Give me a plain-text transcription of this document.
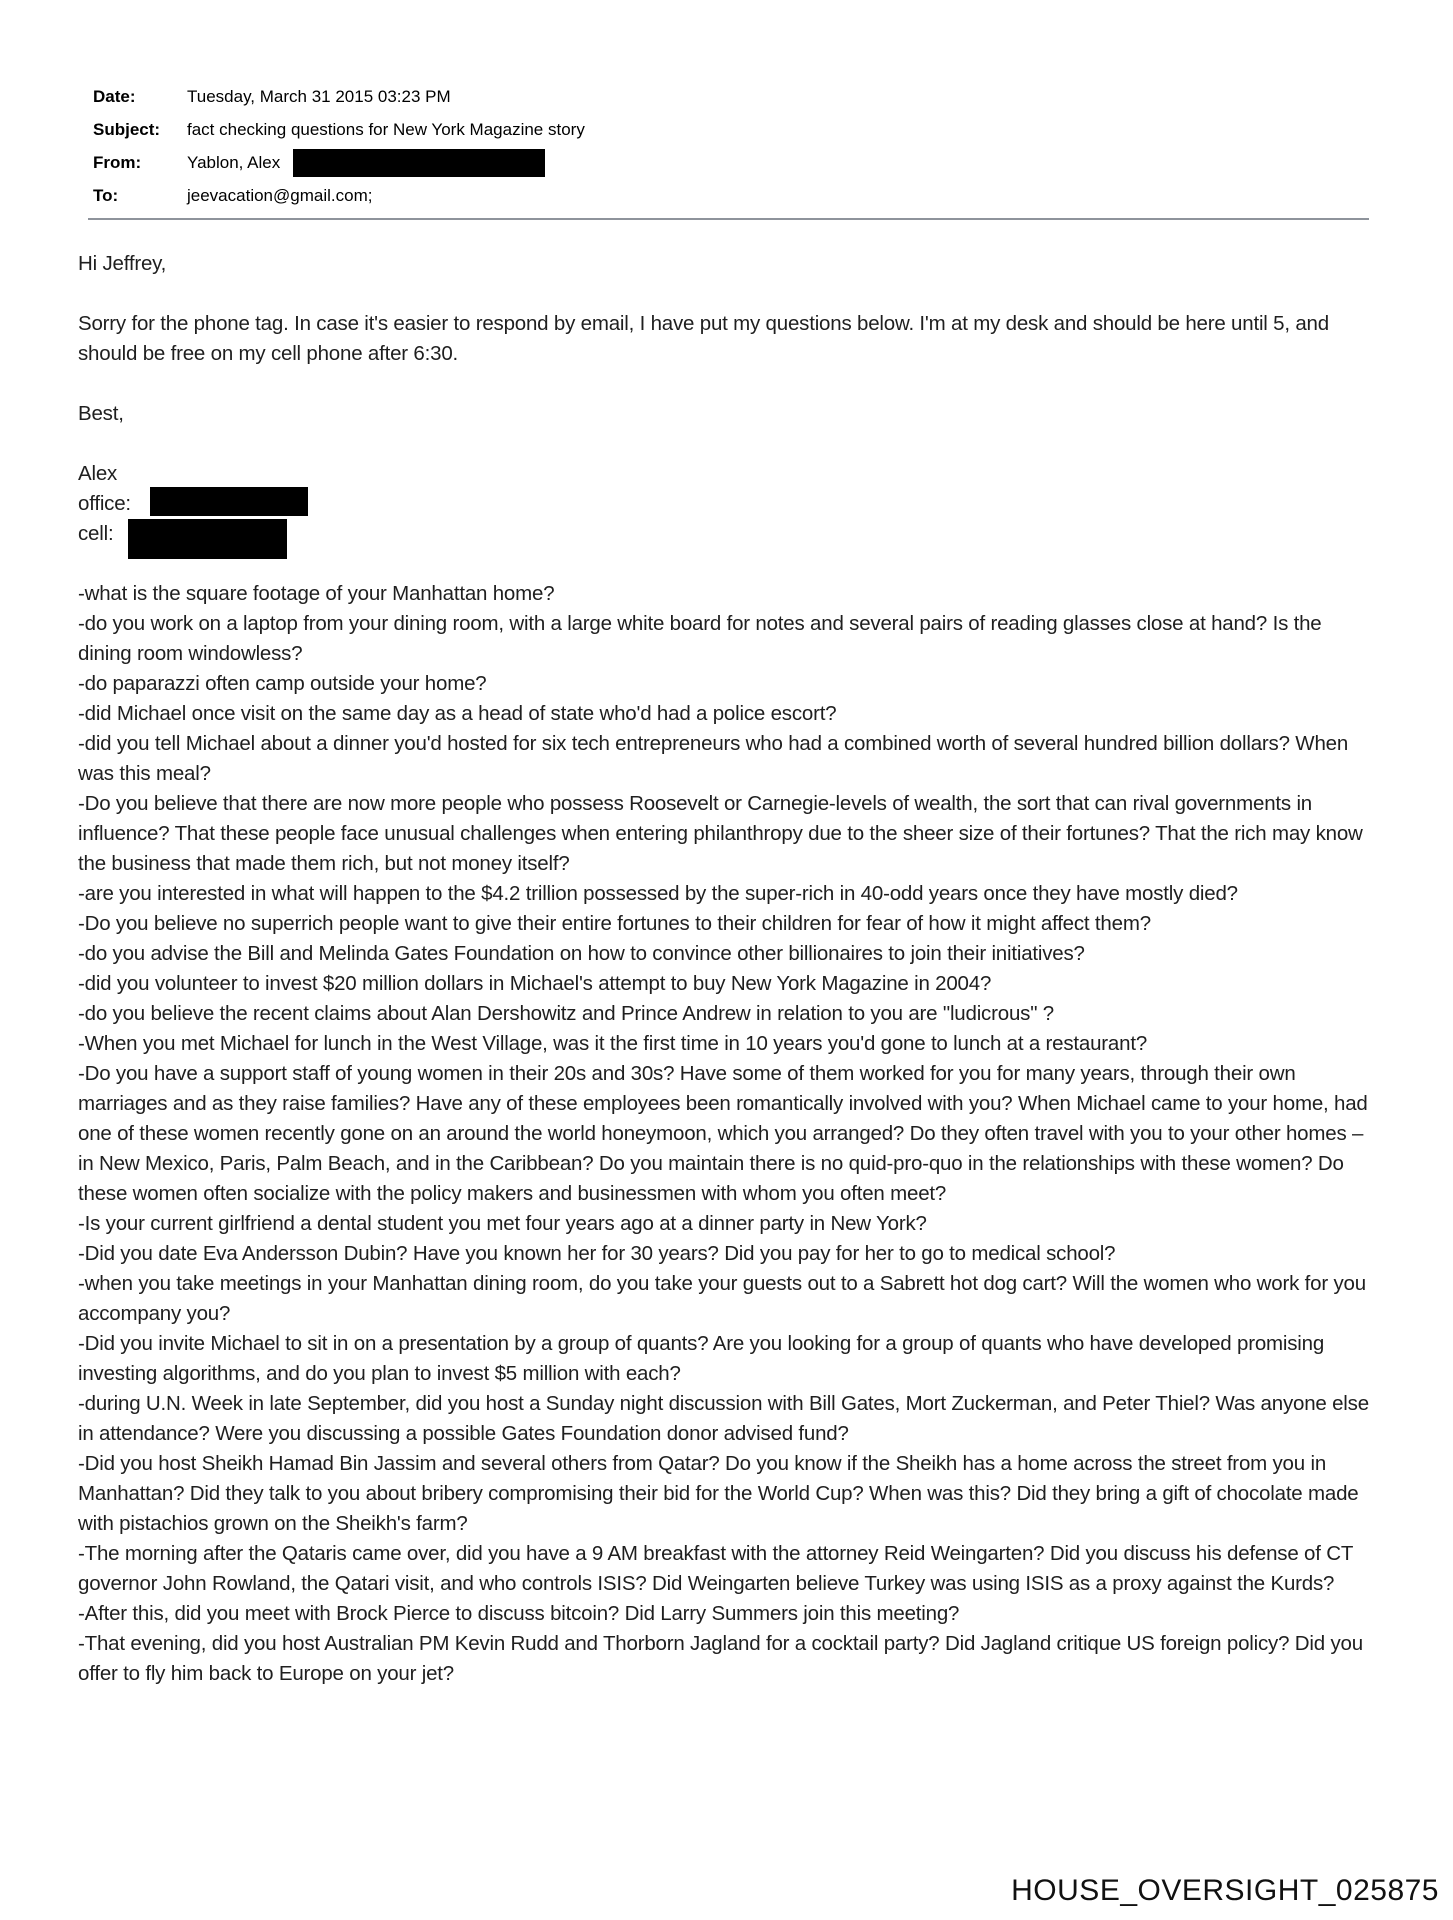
Date:	Tuesday, March 31 2015 03:23 PM
Subject:	fact checking questions for New York Magazine story
From:	Yablon, Alex
To:	jeevacation@gmail.com;

Hi Jeffrey,

Sorry for the phone tag. In case it's easier to respond by email, I have put my questions below. I'm at my desk and should be here until 5, and should be free on my cell phone after 6:30.

Best,

Alex

office:

cell:

-what is the square footage of your Manhattan home?

-do you work on a laptop from your dining room, with a large white board for notes and several pairs of reading glasses close at hand? Is the dining room windowless?

-do paparazzi often camp outside your home?

-did Michael once visit on the same day as a head of state who'd had a police escort?

-did you tell Michael about a dinner you'd hosted for six tech entrepreneurs who had a combined worth of several hundred billion dollars? When was this meal?

-Do you believe that there are now more people who possess Roosevelt or Carnegie-levels of wealth, the sort that can rival governments in influence? That these people face unusual challenges when entering philanthropy due to the sheer size of their fortunes? That the rich may know the business that made them rich, but not money itself?

-are you interested in what will happen to the $4.2 trillion possessed by the super-rich in 40-odd years once they have mostly died?

-Do you believe no superrich people want to give their entire fortunes to their children for fear of how it might affect them?

-do you advise the Bill and Melinda Gates Foundation on how to convince other billionaires to join their initiatives?

-did you volunteer to invest $20 million dollars in Michael's attempt to buy New York Magazine in 2004?

-do you believe the recent claims about Alan Dershowitz and Prince Andrew in relation to you are "ludicrous" ?

-When you met Michael for lunch in the West Village, was it the first time in 10 years you'd gone to lunch at a restaurant?

-Do you have a support staff of young women in their 20s and 30s? Have some of them worked for you for many years, through their own marriages and as they raise families? Have any of these employees been romantically involved with you? When Michael came to your home, had one of these women recently gone on an around the world honeymoon, which you arranged? Do they often travel with you to your other homes – in New Mexico, Paris, Palm Beach, and in the Caribbean? Do you maintain there is no quid-pro-quo in the relationships with these women? Do these women often socialize with the policy makers and businessmen with whom you often meet?

-Is your current girlfriend a dental student you met four years ago at a dinner party in New York?

-Did you date Eva Andersson Dubin? Have you known her for 30 years? Did you pay for her to go to medical school?

-when you take meetings in your Manhattan dining room, do you take your guests out to a Sabrett hot dog cart? Will the women who work for you accompany you?

-Did you invite Michael to sit in on a presentation by a group of quants? Are you looking for a group of quants who have developed promising investing algorithms, and do you plan to invest $5 million with each?

-during U.N. Week in late September, did you host a Sunday night discussion with Bill Gates, Mort Zuckerman, and Peter Thiel? Was anyone else in attendance? Were you discussing a possible Gates Foundation donor advised fund?

-Did you host Sheikh Hamad Bin Jassim and several others from Qatar? Do you know if the Sheikh has a home across the street from you in Manhattan? Did they talk to you about bribery compromising their bid for the World Cup? When was this? Did they bring a gift of chocolate made with pistachios grown on the Sheikh's farm?

-The morning after the Qataris came over, did you have a 9 AM breakfast with the attorney Reid Weingarten? Did you discuss his defense of CT governor John Rowland, the Qatari visit, and who controls ISIS? Did Weingarten believe Turkey was using ISIS as a proxy against the Kurds?

-After this, did you meet with Brock Pierce to discuss bitcoin? Did Larry Summers join this meeting?

-That evening, did you host Australian PM Kevin Rudd and Thorborn Jagland for a cocktail party? Did Jagland critique US foreign policy? Did you offer to fly him back to Europe on your jet?

HOUSE_OVERSIGHT_025875
